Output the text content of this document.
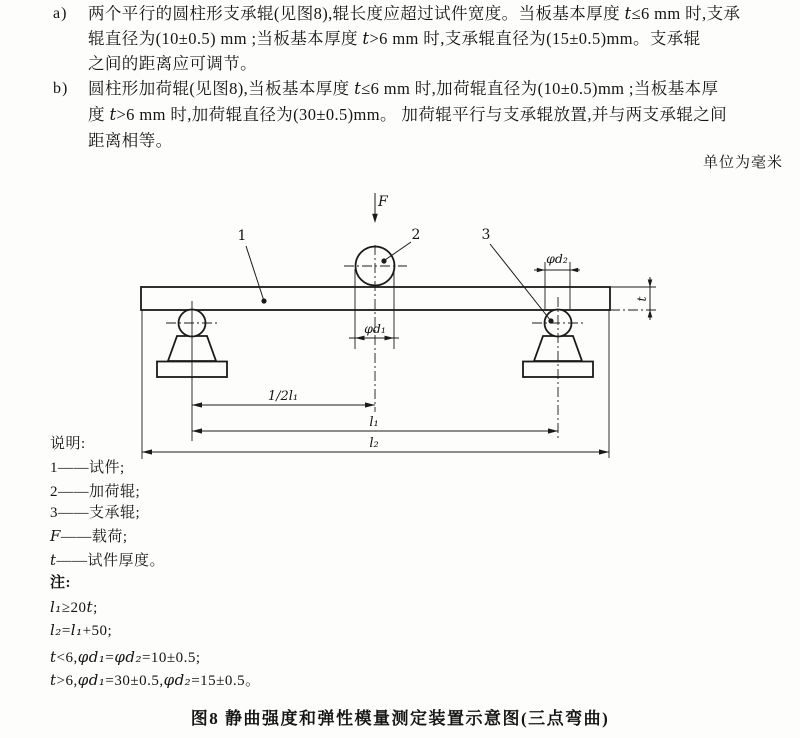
a) 两个平行的圆柱形支承辊(见图8),辊长度应超过试件宽度。当板基本厚度 t≤6 mm 时,支承
辊直径为(10±0.5) mm ;当板基本厚度 t>6 mm 时,支承辊直径为(15±0.5)mm。支承辊
之间的距离应可调节。
b) 圆柱形加荷辊(见图8),当板基本厚度 t≤6 mm 时,加荷辊直径为(10±0.5)mm ;当板基本厚
度 t>6 mm 时,加荷辊直径为(30±0.5)mm。 加荷辊平行与支承辊放置,并与两支承辊之间
距离相等。
单位为毫米
F
1	2	3
φd₁
φd₂
t
1/2l₁
l₁
l₂
说明:
1——试件;
2——加荷辊;
3——支承辊;
F——载荷;
t——试件厚度。
注:
l₁≥20t;
l₂=l₁+50;
t<6,φd₁=φd₂=10±0.5;
t>6,φd₁=30±0.5,φd₂=15±0.5。
图8 静曲强度和弹性模量测定装置示意图(三点弯曲)
